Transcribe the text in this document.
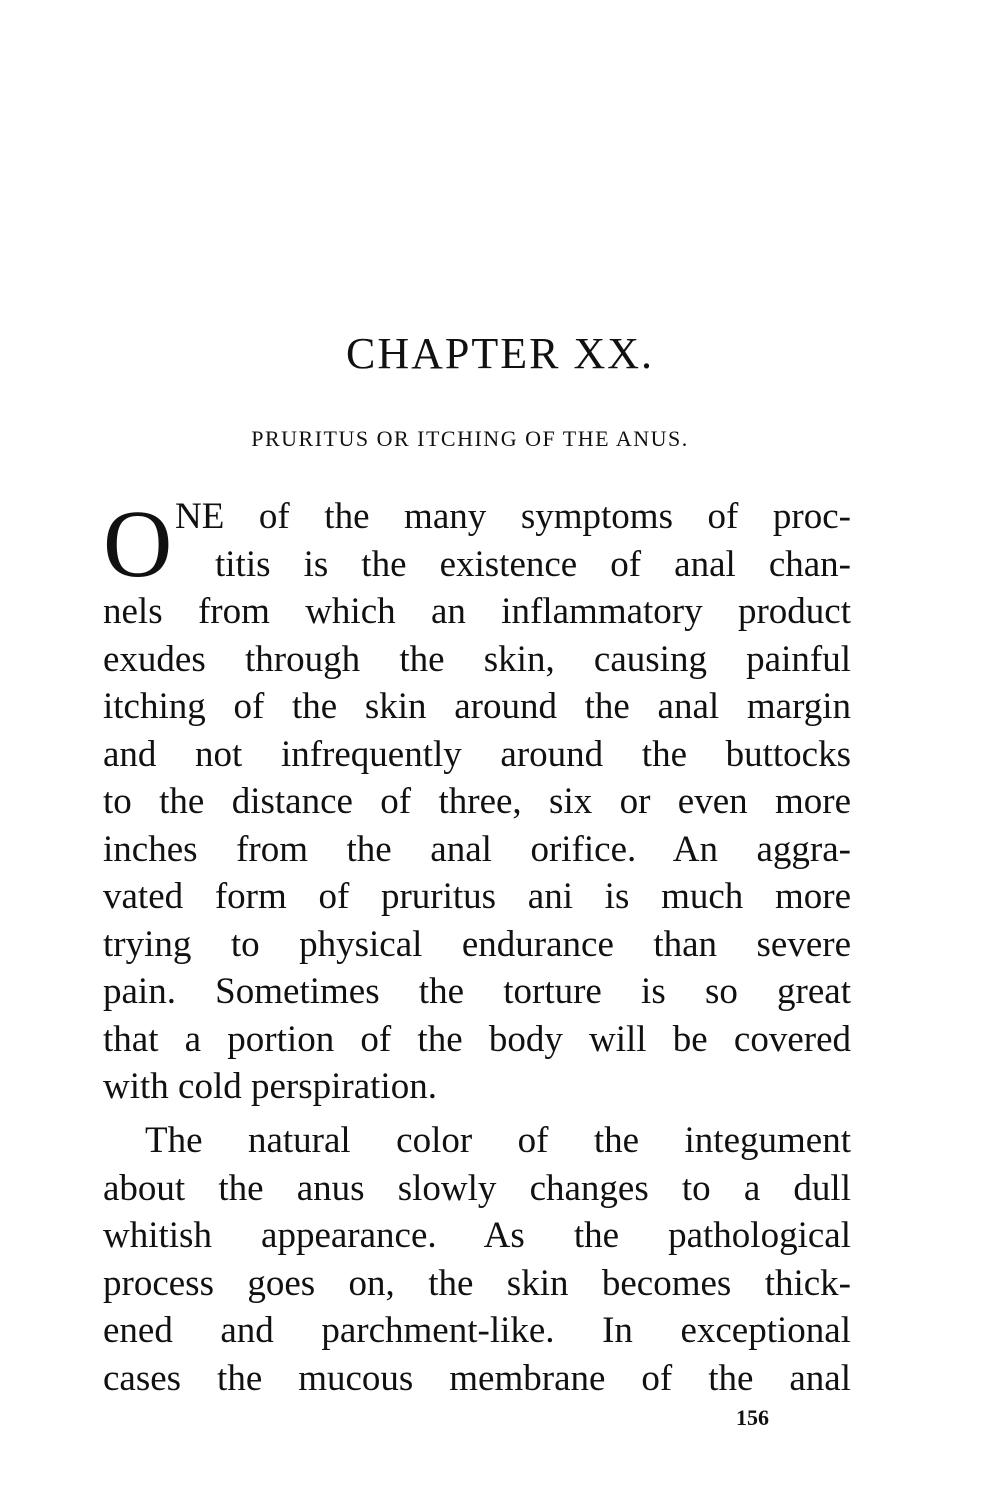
CHAPTER XX.
PRURITUS OR ITCHING OF THE ANUS.
O NE of the many symptoms of proc-
titis is the existence of anal chan-
nels from which an inflammatory product
exudes through the skin, causing painful
itching of the skin around the anal margin
and not infrequently around the buttocks
to the distance of three, six or even more
inches from the anal orifice. An aggra-
vated form of pruritus ani is much more
trying to physical endurance than severe
pain. Sometimes the torture is so great
that a portion of the body will be covered
with cold perspiration.
The natural color of the integument
about the anus slowly changes to a dull
whitish appearance. As the pathological
process goes on, the skin becomes thick-
ened and parchment-like. In exceptional
cases the mucous membrane of the anal
156
